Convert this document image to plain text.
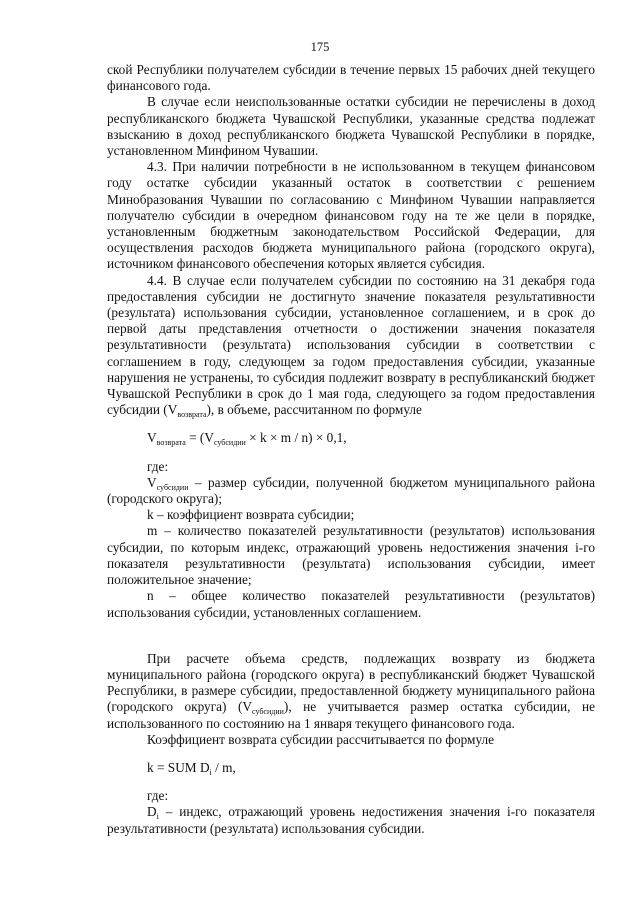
175

ской Республики получателем субсидии в течение первых 15 рабочих дней текущего финансового года.

В случае если неиспользованные остатки субсидии не перечислены в доход республиканского бюджета Чувашской Республики, указанные средства подлежат взысканию в доход республиканского бюджета Чувашской Республики в порядке, установленном Минфином Чувашии.

4.3. При наличии потребности в не использованном в текущем финансовом году остатке субсидии указанный остаток в соответствии с решением Минобразования Чувашии по согласованию с Минфином Чувашии направляется получателю субсидии в очередном финансовом году на те же цели в порядке, установленным бюджетным законодательством Российской Федерации, для осуществления расходов бюджета муниципального района (городского округа), источником финансового обеспечения которых является субсидия.

4.4. В случае если получателем субсидии по состоянию на 31 декабря года предоставления субсидии не достигнуто значение показателя результативности (результата) использования субсидии, установленное соглашением, и в срок до первой даты представления отчетности о достижении значения показателя результативности (результата) использования субсидии в соответствии с соглашением в году, следующем за годом предоставления субсидии, указанные нарушения не устранены, то субсидия подлежит возврату в республиканский бюджет Чувашской Республики в срок до 1 мая года, следующего за годом предоставления субсидии $(V_{возврата})$, в объеме, рассчитанном по формуле

$V_{возврата} = (V_{субсидии} \times k \times m / n) \times 0,1$,

где:

$V_{субсидии}$ – размер субсидии, полученной бюджетом муниципального района (городского округа);

k – коэффициент возврата субсидии;

m – количество показателей результативности (результатов) использования субсидии, по которым индекс, отражающий уровень недостижения значения i-го показателя результативности (результата) использования субсидии, имеет положительное значение;

n – общее количество показателей результативности (результатов) использования субсидии, установленных соглашением.

При расчете объема средств, подлежащих возврату из бюджета муниципального района (городского округа) в республиканский бюджет Чувашской Республики, в размере субсидии, предоставленной бюджету муниципального района (городского округа) $(V_{субсидии})$, не учитывается размер остатка субсидии, не использованного по состоянию на 1 января текущего финансового года.

Коэффициент возврата субсидии рассчитывается по формуле

k = SUM $D_i$ / m,

где:

$D_i$ – индекс, отражающий уровень недостижения значения i-го показателя результативности (результата) использования субсидии.
